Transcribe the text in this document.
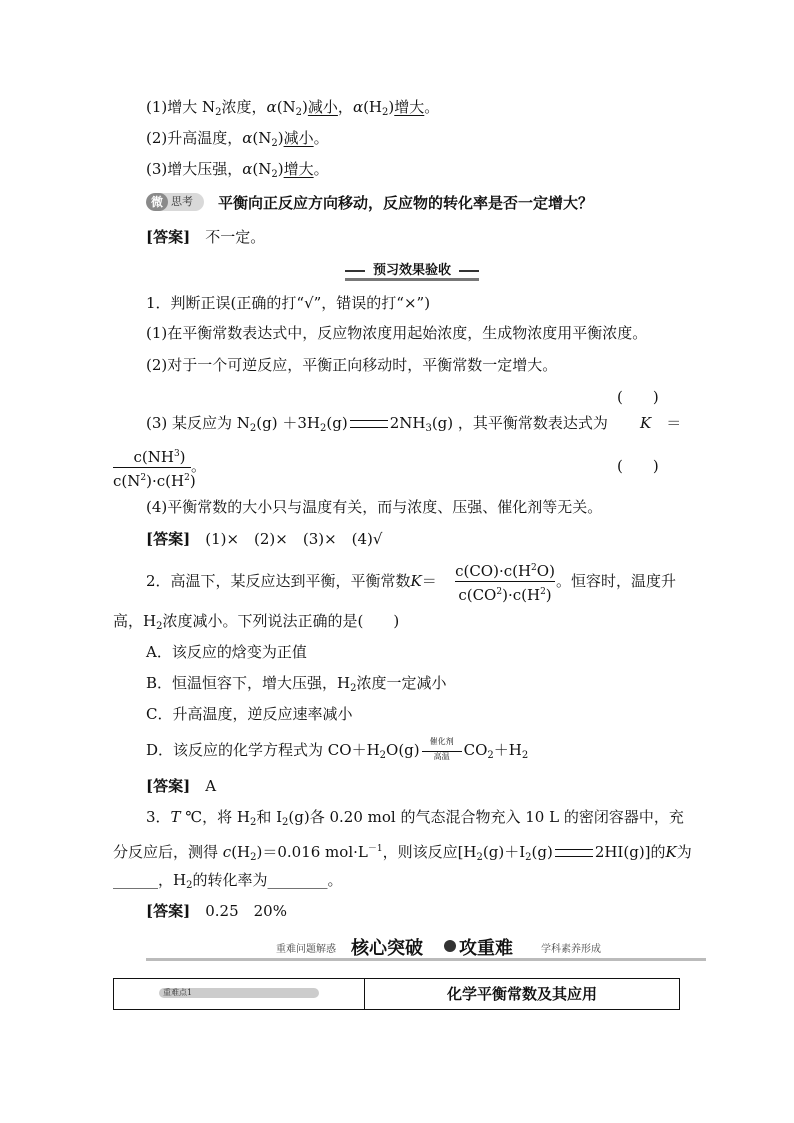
(1)增大 $N_2$浓度，$\alpha(N_2)$减小，$\alpha(H_2)$增大。
(2)升高温度，$\alpha(N_2)$减小。
(3)增大压强，$\alpha(N_2)$增大。
微 思考 平衡向正反应方向移动，反应物的转化率是否一定增大？
[答案]　 不一定。
预习效果验收
1．判断正误(正确的打“√”，错误的打“×”)
(1)在平衡常数表达式中，反应物浓度用起始浓度，生成物浓度用平衡浓度。
(2)对于一个可逆反应，平衡正向移动时，平衡常数一定增大。
(　　)
(3) 某反应为 $N_2(g) +3H_2(g)$	$2NH_3(g)$ ，其平衡常数表达式为 K　 ＝
　$\frac{c(NH^3)}{c(N^2)\cdot c(H^2)}$ 。	(　　)
(4)平衡常数的大小只与温度有关，而与浓度、压强、催化剂等无关。
[答案]　 (1)×　(2)×　(3)×　(4)√
2．高温下，某反应达到平衡，平衡常数$K= \frac{c(CO)\cdot c(H^2O)}{c(CO^2)\cdot c(H^2)}$ 。恒容时，温度升
高，$H_2$浓度减小。下列说法正确的是(　　)
A．该反应的焓变为正值
B．恒温恒容下，增大压强，$H_2$浓度一定减小
C．升高温度，逆反应速率减小
D．该反应的化学方程式为 $CO+H_2O(g)$	催化剂
高温 $CO_2+H_2$
[答案]　 A
3．T ℃，将 $H_2$和 $I_2(g)$各 0.20 mol 的气态混合物充入 10 L 的密闭容器中，充
分反应后，测得 $c(H_2)=0.016$ $mol\cdot L^{-1}$，则该反应[$H_2(g)+I_2(g)$	2HI(g)]的K为
______，$H_2$的转化率为________。
[答案]　 0.25　20%
重难问题解惑 核心突破 攻重难	学科素养形成
重难点1	化学平衡常数及其应用
